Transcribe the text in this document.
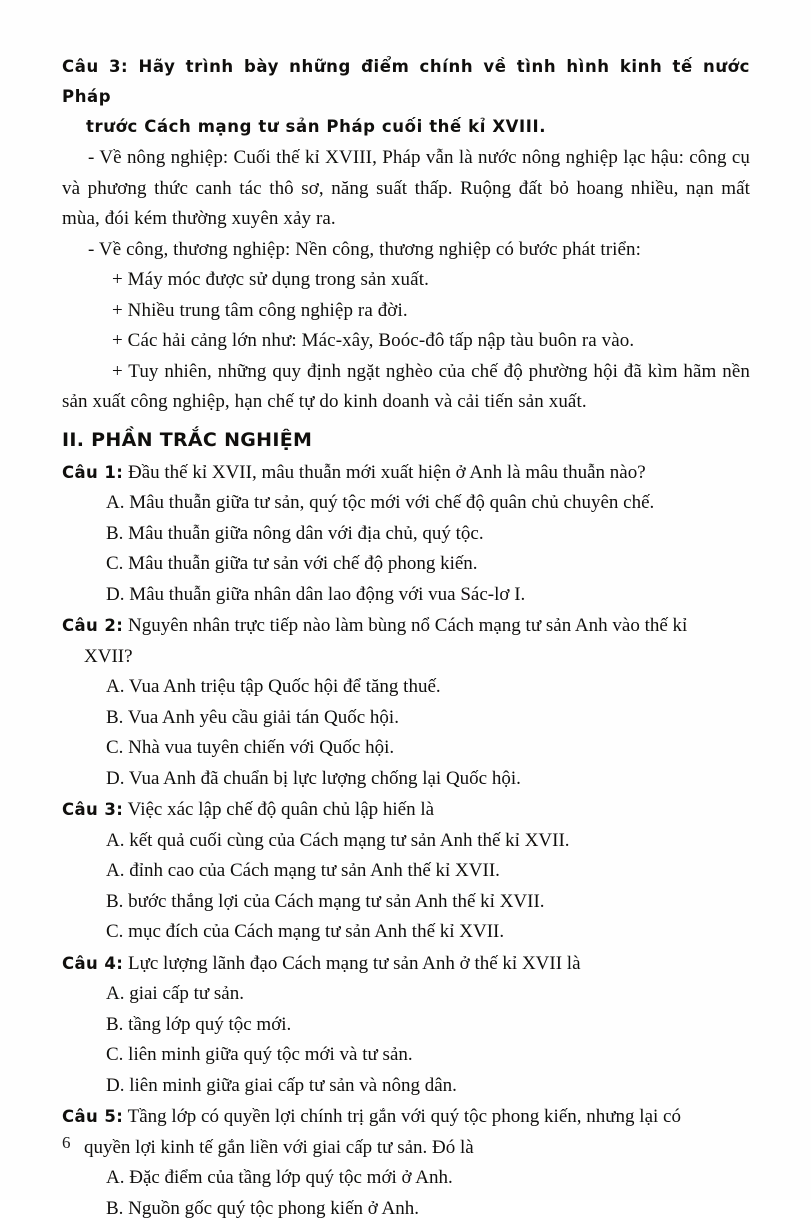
Câu 3: Hãy trình bày những điểm chính về tình hình kinh tế nước Pháp
trước Cách mạng tư sản Pháp cuối thế kỉ XVIII.

- Về nông nghiệp: Cuối thế kỉ XVIII, Pháp vẫn là nước nông nghiệp lạc hậu: công cụ và phương thức canh tác thô sơ, năng suất thấp. Ruộng đất bỏ hoang nhiều, nạn mất mùa, đói kém thường xuyên xảy ra.

- Về công, thương nghiệp: Nền công, thương nghiệp có bước phát triển:

+ Máy móc được sử dụng trong sản xuất.

+ Nhiều trung tâm công nghiệp ra đời.

+ Các hải cảng lớn như: Mác-xây, Boóc-đô tấp nập tàu buôn ra vào.

+ Tuy nhiên, những quy định ngặt nghèo của chế độ phường hội đã kìm hãm nền sản xuất công nghiệp, hạn chế tự do kinh doanh và cải tiến sản xuất.

II. PHẦN TRẮC NGHIỆM

Câu 1: Đầu thế kỉ XVII, mâu thuẫn mới xuất hiện ở Anh là mâu thuẫn nào?

A. Mâu thuẫn giữa tư sản, quý tộc mới với chế độ quân chủ chuyên chế.

B. Mâu thuẫn giữa nông dân với địa chủ, quý tộc.

C. Mâu thuẫn giữa tư sản với chế độ phong kiến.

D. Mâu thuẫn giữa nhân dân lao động với vua Sác-lơ I.

Câu 2: Nguyên nhân trực tiếp nào làm bùng nổ Cách mạng tư sản Anh vào thế kỉ

XVII?

A. Vua Anh triệu tập Quốc hội để tăng thuế.

B. Vua Anh yêu cầu giải tán Quốc hội.

C. Nhà vua tuyên chiến với Quốc hội.

D. Vua Anh đã chuẩn bị lực lượng chống lại Quốc hội.

Câu 3: Việc xác lập chế độ quân chủ lập hiến là

A. kết quả cuối cùng của Cách mạng tư sản Anh thế kỉ XVII.

A. đỉnh cao của Cách mạng tư sản Anh thế kỉ XVII.

B. bước thắng lợi của Cách mạng tư sản Anh thế kỉ XVII.

C. mục đích của Cách mạng tư sản Anh thế kỉ XVII.

Câu 4: Lực lượng lãnh đạo Cách mạng tư sản Anh ở thế kỉ XVII là

A. giai cấp tư sản.

B. tầng lớp quý tộc mới.

C. liên minh giữa quý tộc mới và tư sản.

D. liên minh giữa giai cấp tư sản và nông dân.

Câu 5: Tầng lớp có quyền lợi chính trị gắn với quý tộc phong kiến, nhưng lại có

quyền lợi kinh tế gắn liền với giai cấp tư sản. Đó là

A. Đặc điểm của tầng lớp quý tộc mới ở Anh.

B. Nguồn gốc quý tộc phong kiến ở Anh.

6
